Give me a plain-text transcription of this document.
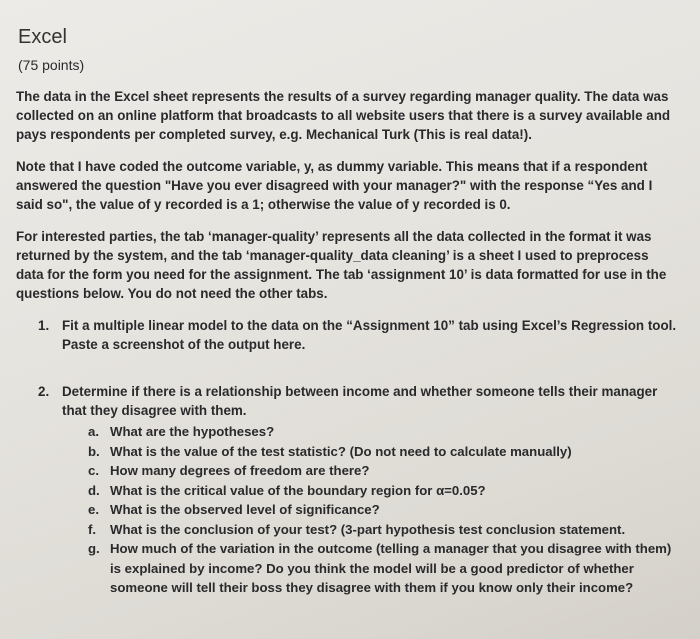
Excel
(75 points)

The data in the Excel sheet represents the results of a survey regarding manager quality. The data was collected on an online platform that broadcasts to all website users that there is a survey available and pays respondents per completed survey, e.g. Mechanical Turk (This is real data!).

Note that I have coded the outcome variable, y, as dummy variable. This means that if a respondent answered the question "Have you ever disagreed with your manager?" with the response “Yes and I said so", the value of y recorded is a 1; otherwise the value of y recorded is 0.

For interested parties, the tab ‘manager-quality’ represents all the data collected in the format it was returned by the system, and the tab ‘manager-quality_data cleaning’ is a sheet I used to preprocess data for the form you need for the assignment. The tab ‘assignment 10’ is data formatted for use in the questions below. You do not need the other tabs.

1. Fit a multiple linear model to the data on the “Assignment 10” tab using Excel’s Regression tool. Paste a screenshot of the output here.
2. Determine if there is a relationship between income and whether someone tells their manager that they disagree with them.
a. What are the hypotheses?
b. What is the value of the test statistic? (Do not need to calculate manually)
c. How many degrees of freedom are there?
d. What is the critical value of the boundary region for α=0.05?
e. What is the observed level of significance?
f. What is the conclusion of your test? (3-part hypothesis test conclusion statement.
g. How much of the variation in the outcome (telling a manager that you disagree with them) is explained by income? Do you think the model will be a good predictor of whether someone will tell their boss they disagree with them if you know only their income?
